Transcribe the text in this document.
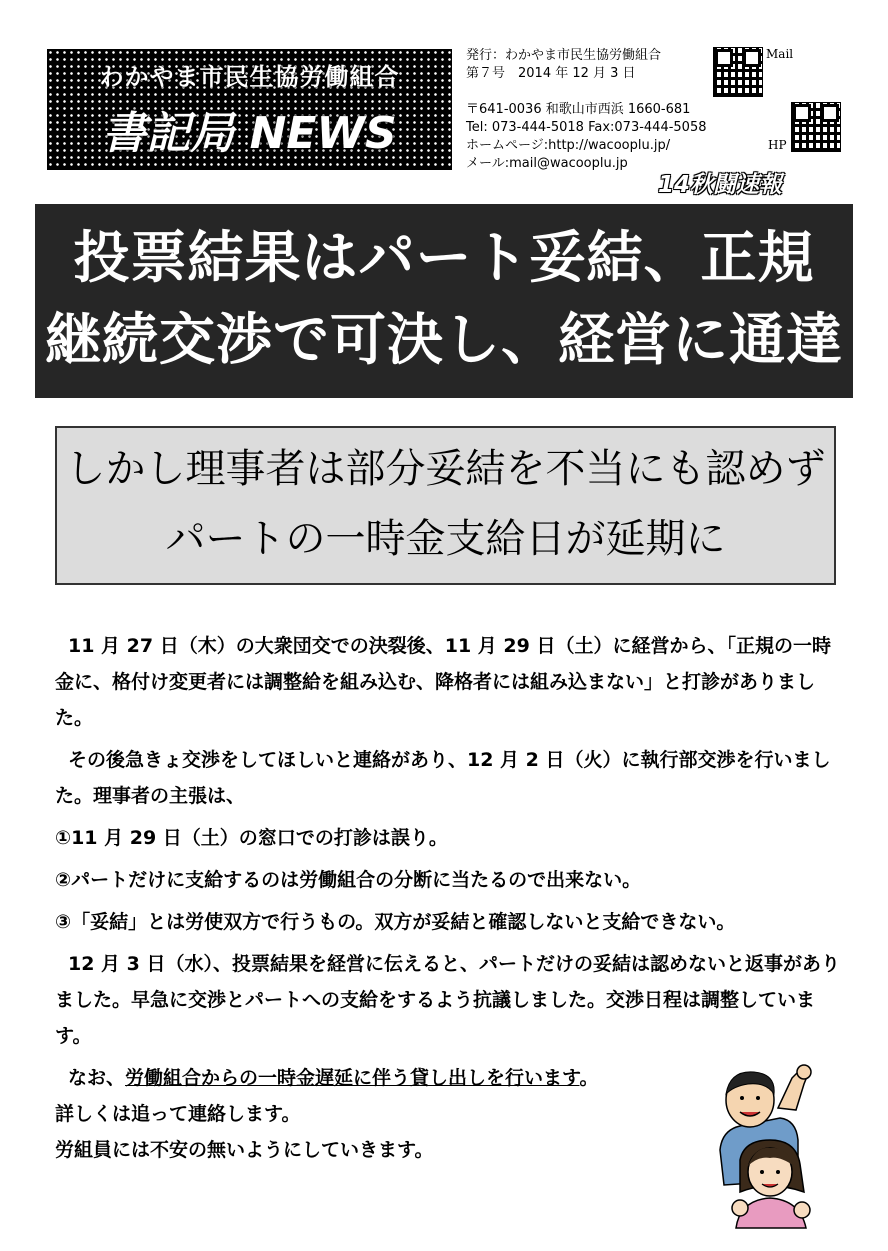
わかやま市民生協労働組合
書記局 NEWS
発行：わかやま市民生協労働組合
第７号　2014 年 12 月 3 日
〒641-0036 和歌山市西浜 1660-681
Tel: 073-444-5018 Fax:073-444-5058
ホームページ:http://wacooplu.jp/
メール:mail@wacooplu.jp
Mail
HP
14秋闘速報
投票結果はパート妥結、正規
継続交渉で可決し、経営に通達
しかし理事者は部分妥結を不当にも認めず
パートの一時金支給日が延期に

11 月 27 日（木）の大衆団交での決裂後、11 月 29 日（土）に経営から、「正規の一時金に、格付け変更者には調整給を組み込む、降格者には組み込まない」と打診がありました。

その後急きょ交渉をしてほしいと連絡があり、12 月 2 日（火）に執行部交渉を行いました。理事者の主張は、

①11 月 29 日（土）の窓口での打診は誤り。

②パートだけに支給するのは労働組合の分断に当たるので出来ない。

③「妥結」とは労使双方で行うもの。双方が妥結と確認しないと支給できない。

12 月 3 日（水）、投票結果を経営に伝えると、パートだけの妥結は認めないと返事がありました。早急に交渉とパートへの支給をするよう抗議しました。交渉日程は調整しています。

なお、労働組合からの一時金遅延に伴う貸し出しを行います。

詳しくは追って連絡します。

労組員には不安の無いようにしていきます。
